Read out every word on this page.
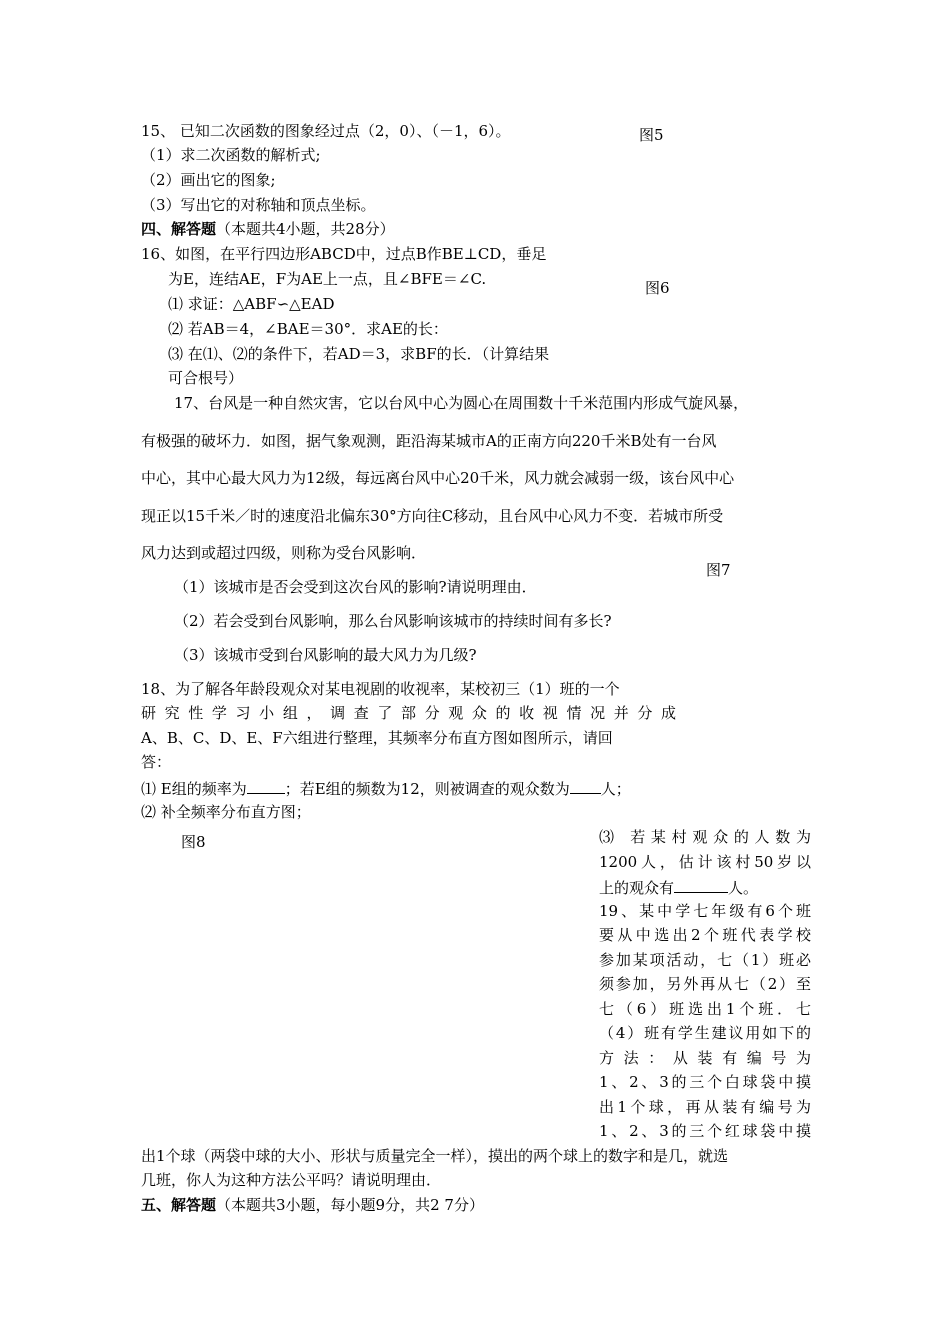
15、 已知二次函数的图象经过点（2，0）、（－1，6）。	图5
（1）求二次函数的解析式;
（2）画出它的图象;
（3）写出它的对称轴和顶点坐标。
四、解答题（本题共4小题，共28分）
16、如图，在平行四边形ABCD中，过点B作BE⊥CD，垂足
为E，连结AE，F为AE上一点，且∠BFE＝∠C.	图6
⑴ 求证：△ABF∽△EAD
⑵ 若AB＝4，∠BAE＝30°．求AE的长：
⑶ 在⑴、⑵的条件下，若AD＝3，求BF的长．（计算结果
可合根号）
17、台风是一种自然灾害，它以台风中心为圆心在周围数十千米范围内形成气旋风暴，
有极强的破坏力．如图，据气象观测，距沿海某城市A的正南方向220千米B处有一台风
中心，其中心最大风力为12级，每远离台风中心20千米，风力就会减弱一级，该台风中心
现正以15千米／时的速度沿北偏东30°方向往C移动，且台风中心风力不变．若城市所受
风力达到或超过四级，则称为受台风影响．
图7
（1）该城市是否会受到这次台风的影响?请说明理由．
（2）若会受到台风影响，那么台风影响该城市的持续时间有多长?
（3）该城市受到台风影响的最大风力为几级?
18、为了解各年龄段观众对某电视剧的收视率，某校初三（1）班的一个
研究性学习小组，调查了部分观众的收视情况并分成
A、B、C、D、E、F六组进行整理，其频率分布直方图如图所示，请回
答：
⑴ E组的频率为	；若E组的频数为12，则被调查的观众数为 人；
⑵ 补全频率分布直方图；
图8	⑶ 若某村观众的人数为
1200人，估计该村50岁以
上的观众有	人。
19、某中学七年级有6个班
要从中选出2个班代表学校
参加某项活动，七（1）班必
须参加，另外再从七（2）至
七（6）班选出1个班．七
（4）班有学生建议用如下的
方法：从装有编号为
1、2、3的三个白球袋中摸
出1个球，再从装有编号为
1、2、3的三个红球袋中摸
出1个球（两袋中球的大小、形状与质量完全一样），摸出的两个球上的数字和是几，就选
几班，你人为这种方法公平吗？请说明理由．
五、解答题（本题共3小题，每小题9分，共2 7分）
